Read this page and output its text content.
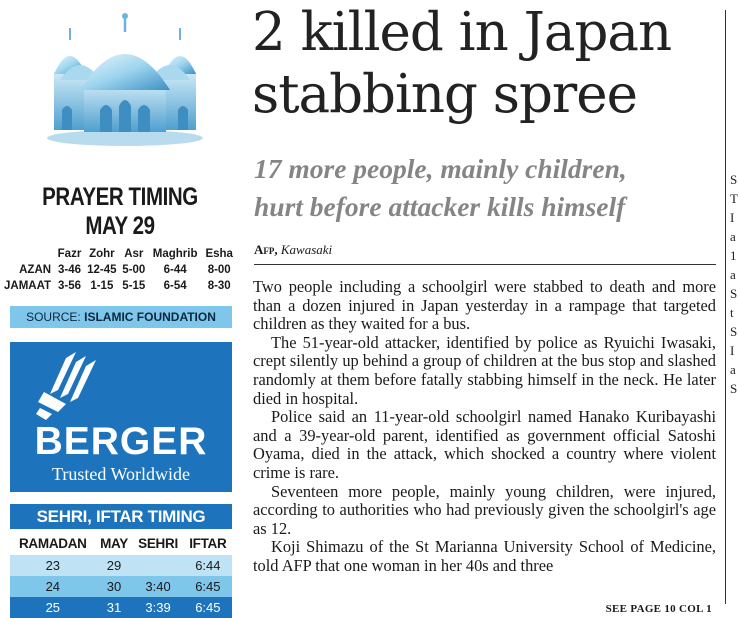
PRAYER TIMING
MAY 29
	Fazr	Zohr	Asr	Maghrib	Esha
AZAN	3-46	12-45	5-00	6-44	8-00
JAMAAT	3-56	1-15	5-15	6-54	8-30
SOURCE: ISLAMIC FOUNDATION
BERGER
Trusted Worldwide
SEHRI, IFTAR TIMING
RAMADAN	MAY	SEHRI	IFTAR
23	29		6:44
24	30	3:40	6:45
25	31	3:39	6:45
2 killed in Japan
stabbing spree
17 more people, mainly children,
hurt before attacker kills himself
Afp, Kawasaki

Two people including a schoolgirl were stabbed to death and more than a dozen injured in Japan yesterday in a rampage that targeted children as they waited for a bus.

The 51-year-old attacker, identified by police as Ryuichi Iwasaki, crept silently up behind a group of children at the bus stop and slashed randomly at them before fatally stabbing himself in the neck. He later died in hospital.

Police said an 11-year-old schoolgirl named Hanako Kuribayashi and a 39-year-old parent, identified as government official Satoshi Oyama, died in the attack, which shocked a country where violent crime is rare.

Seventeen more people, mainly young children, were injured, according to authorities who had previously given the schoolgirl's age as 12.

Koji Shimazu of the St Marianna University School of Medicine, told AFP that one woman in her 40s and three

SEE PAGE 10 COL 1
S
T
I
a
1
a
S
t
S
I
a
S
